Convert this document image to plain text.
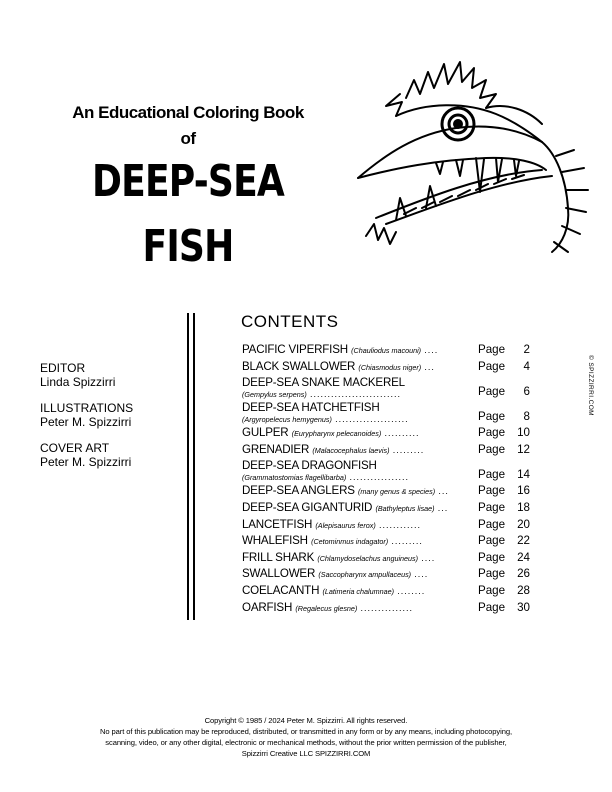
An Educational Coloring Book
of
DEEP-SEA
FISH
EDITOR
Linda Spizzirri
ILLUSTRATIONS
Peter M. Spizzirri
COVER ART
Peter M. Spizzirri
CONTENTS
PACIFIC VIPERFISH (Chauliodus macouni) ....	Page	2
BLACK SWALLOWER (Chiasmodus niger) ...	Page	4
DEEP-SEA SNAKE MACKEREL
(Gempylus serpens) ..........................	Page	6
DEEP-SEA HATCHETFISH
(Argyropelecus hemygenus) .....................	Page	8
GULPER (Eurypharynx pelecanoides) ..........	Page	10
GRENADIER (Malacocephalus laevis) .........	Page	12
DEEP-SEA DRAGONFISH
(Grammatostomias flagellibarba) .................	Page	14
DEEP-SEA ANGLERS (many genus & species) ...	Page	16
DEEP-SEA GIGANTURID (Bathyleptus lisae) ...	Page	18
LANCETFISH (Alepisaurus ferox) ............	Page	20
WHALEFISH (Cetominmus indagator) .........	Page	22
FRILL SHARK (Chlamydoselachus anguineus) ....	Page	24
SWALLOWER (Saccopharynx ampullaceus) ....	Page	26
COELACANTH (Latimeria chalumnae) ........	Page	28
OARFISH (Regalecus glesne) ...............	Page	30
© SPIZZIRRI.COM
Copyright © 1985 / 2024 Peter M. Spizzirri. All rights reserved.
No part of this publication may be reproduced, distributed, or transmitted in any form or by any means, including photocopying,
scanning, video, or any other digital, electronic or mechanical methods, without the prior written permission of the publisher,
Spizzirri Creative LLC SPIZZIRRI.COM
